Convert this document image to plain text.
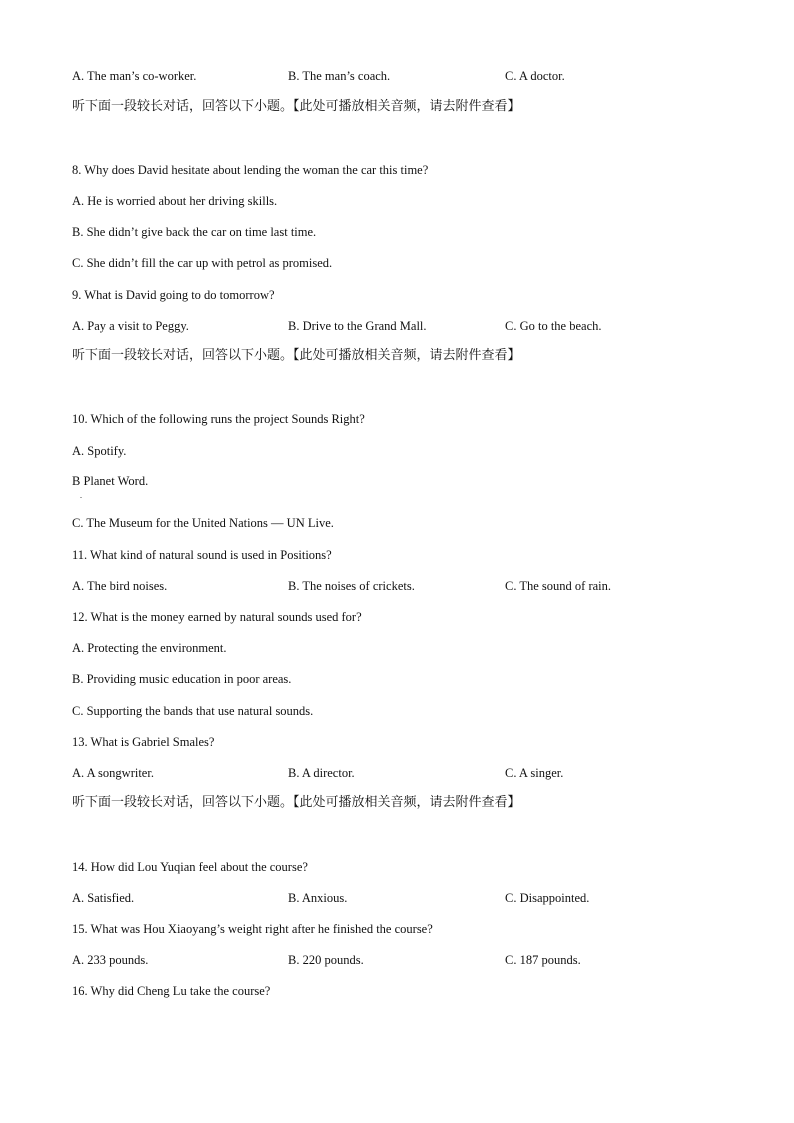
A. The man’s co-worker.	B. The man’s coach.	C. A doctor.
听下面一段较长对话，回答以下小题。【此处可播放相关音频，请去附件查看】
8. Why does David hesitate about lending the woman the car this time?
A. He is worried about her driving skills.
B. She didn’t give back the car on time last time.
C. She didn’t fill the car up with petrol as promised.
9. What is David going to do tomorrow?
A. Pay a visit to Peggy.	B. Drive to the Grand Mall.	C. Go to the beach.
听下面一段较长对话，回答以下小题。【此处可播放相关音频，请去附件查看】
10. Which of the following runs the project Sounds Right?
A. Spotify.
B Planet Word.
.
C. The Museum for the United Nations — UN Live.
11. What kind of natural sound is used in Positions?
A. The bird noises.	B. The noises of crickets.	C. The sound of rain.
12. What is the money earned by natural sounds used for?
A. Protecting the environment.
B. Providing music education in poor areas.
C. Supporting the bands that use natural sounds.
13. What is Gabriel Smales?
A. A songwriter.	B. A director.	C. A singer.
听下面一段较长对话，回答以下小题。【此处可播放相关音频，请去附件查看】
14. How did Lou Yuqian feel about the course?
A. Satisfied.	B. Anxious.	C. Disappointed.
15. What was Hou Xiaoyang’s weight right after he finished the course?
A. 233 pounds.	B. 220 pounds.	C. 187 pounds.
16. Why did Cheng Lu take the course?
